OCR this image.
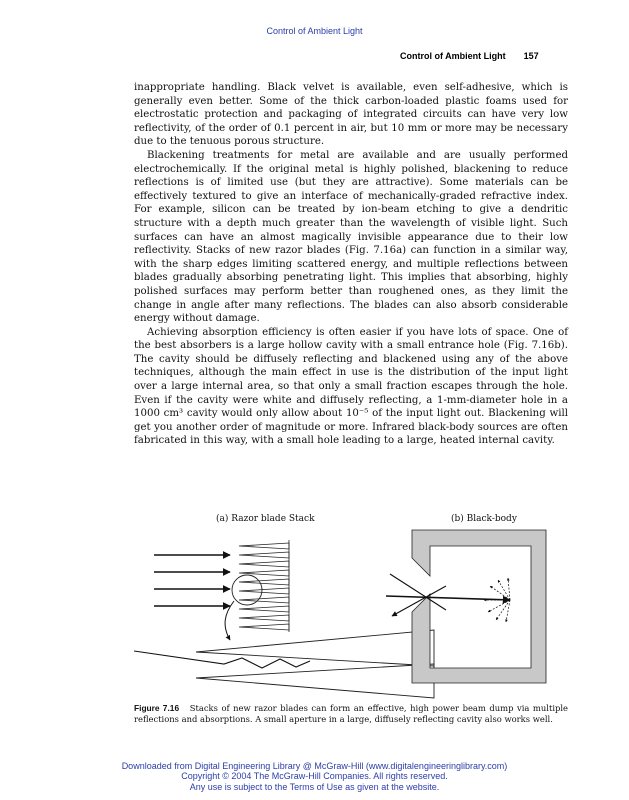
Control of Ambient Light
Control of Ambient Light 157

inappropriate handling. Black velvet is available, even self-adhesive, which is generally even better. Some of the thick carbon-loaded plastic foams used for electrostatic protection and packaging of integrated circuits can have very low reflectivity, of the order of 0.1 percent in air, but 10 mm or more may be necessary due to the tenuous porous structure.

Blackening treatments for metal are available and are usually performed electrochemically. If the original metal is highly polished, blackening to reduce reflections is of limited use (but they are attractive). Some materials can be effectively textured to give an interface of mechanically-graded refractive index. For example, silicon can be treated by ion-beam etching to give a dendritic structure with a depth much greater than the wavelength of visible light. Such surfaces can have an almost magically invisible appearance due to their low reflectivity. Stacks of new razor blades (Fig. 7.16a) can function in a similar way, with the sharp edges limiting scattered energy, and multiple reflections between blades gradually absorbing penetrating light. This implies that absorbing, highly polished surfaces may perform better than roughened ones, as they limit the change in angle after many reflections. The blades can also absorb considerable energy without damage.

Achieving absorption efficiency is often easier if you have lots of space. One of the best absorbers is a large hollow cavity with a small entrance hole (Fig. 7.16b). The cavity should be diffusely reflecting and blackened using any of the above techniques, although the main effect in use is the distribution of the input light over a large internal area, so that only a small fraction escapes through the hole. Even if the cavity were white and diffusely reflecting, a 1-mm-diameter hole in a 1000 cm³ cavity would only allow about 10⁻⁵ of the input light out. Blackening will get you another order of magnitude or more. Infrared black-body sources are often fabricated in this way, with a small hole leading to a large, heated internal cavity.

(a) Razor blade Stack	(b) Black-body
Figure 7.16 Stacks of new razor blades can form an effective, high power beam dump via multiple reflections and absorptions. A small aperture in a large, diffusely reflecting cavity also works well.
Downloaded from Digital Engineering Library @ McGraw-Hill (www.digitalengineeringlibrary.com)
Copyright © 2004 The McGraw-Hill Companies. All rights reserved.
Any use is subject to the Terms of Use as given at the website.
